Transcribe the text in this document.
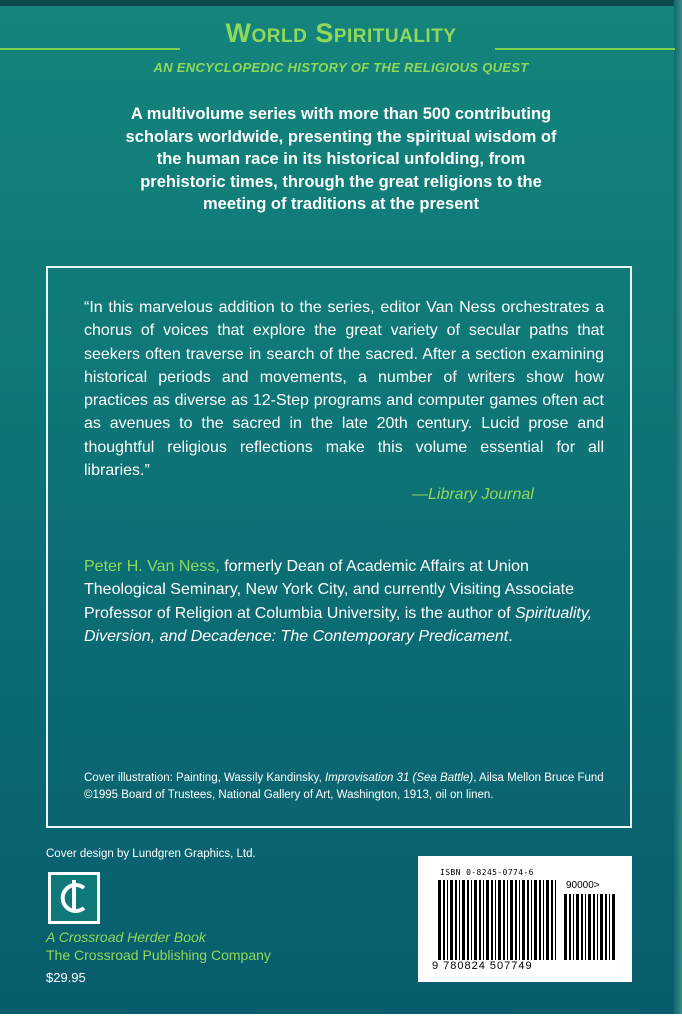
World Spirituality
AN ENCYCLOPEDIC HISTORY OF THE RELIGIOUS QUEST
A multivolume series with more than 500 contributing scholars worldwide, presenting the spiritual wisdom of the human race in its historical unfolding, from prehistoric times, through the great religions to the meeting of traditions at the present
“In this marvelous addition to the series, editor Van Ness orchestrates a chorus of voices that explore the great variety of secular paths that seekers often traverse in search of the sacred. After a section examining historical periods and movements, a number of writers show how practices as diverse as 12-Step programs and computer games often act as avenues to the sacred in the late 20th century. Lucid prose and thoughtful religious reflections make this volume essential for all libraries.”
—Library Journal
Peter H. Van Ness, formerly Dean of Academic Affairs at Union Theological Seminary, New York City, and currently Visiting Associate Professor of Religion at Columbia University, is the author of Spirituality, Diversion, and Decadence: The Contemporary Predicament.
Cover illustration: Painting, Wassily Kandinsky, Improvisation 31 (Sea Battle), Ailsa Mellon Bruce Fund ©1995 Board of Trustees, National Gallery of Art, Washington, 1913, oil on linen.
Cover design by Lundgren Graphics, Ltd.
A Crossroad Herder Book
The Crossroad Publishing Company
$29.95
ISBN 0-8245-0774-6
90000>
9 780824 507749
